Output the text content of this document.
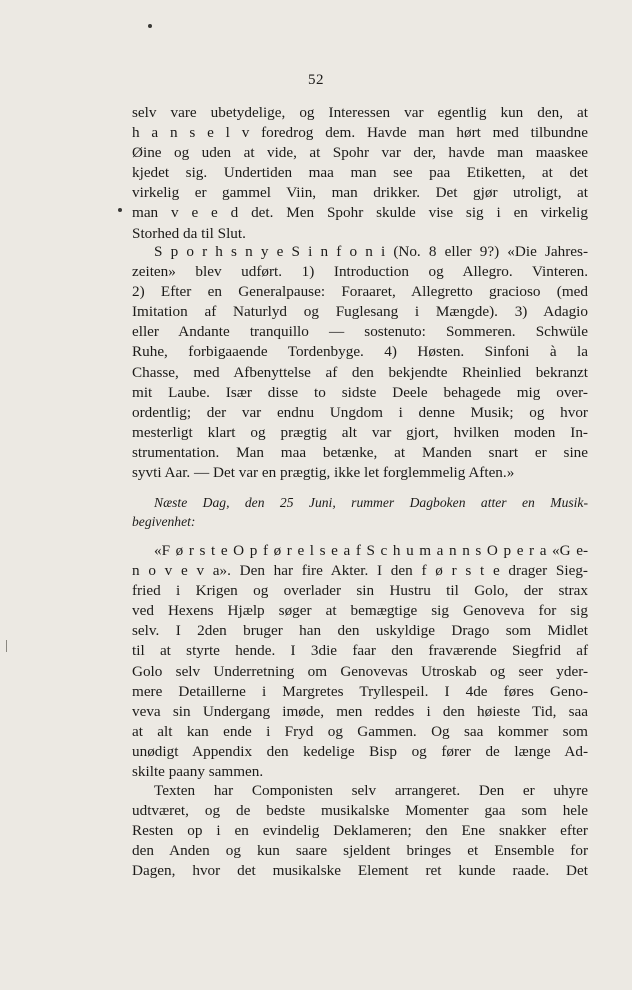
52
selv vare ubetydelige, og Interessen var egentlig kun den, at
h a n s e l v foredrog dem. Havde man hørt med tilbundne
Øine og uden at vide, at Spohr var der, havde man maaskee
kjedet sig. Undertiden maa man see paa Etiketten, at det
virkelig er gammel Viin, man drikker. Det gjør utroligt, at
man v e e d det. Men Spohr skulde vise sig i en virkelig
Storhed da til Slut.
S p o r h s n y e S i n f o n i (No. 8 eller 9?) «Die Jahres-
zeiten» blev udført. 1) Introduction og Allegro. Vinteren.
2) Efter en Generalpause: Foraaret, Allegretto gracioso (med
Imitation af Naturlyd og Fuglesang i Mængde). 3) Adagio
eller Andante tranquillo — sostenuto: Sommeren. Schwüle
Ruhe, forbigaaende Tordenbyge. 4) Høsten. Sinfoni à la
Chasse, med Afbenyttelse af den bekjendte Rheinlied bekranzt
mit Laube. Især disse to sidste Deele behagede mig over-
ordentlig; der var endnu Ungdom i denne Musik; og hvor
mesterligt klart og prægtig alt var gjort, hvilken moden In-
strumentation. Man maa betænke, at Manden snart er sine
syvti Aar. — Det var en prægtig, ikke let forglemmelig Aften.»
Næste Dag, den 25 Juni, rummer Dagboken atter en Musik-
begivenhet:
«F ø r s t e O p f ø r e l s e a f S c h u m a n n s O p e r a «G e-
n o v e v a». Den har fire Akter. I den f ø r s t e drager Sieg-
fried i Krigen og overlader sin Hustru til Golo, der strax
ved Hexens Hjælp søger at bemægtige sig Genoveva for sig
selv. I 2den bruger han den uskyldige Drago som Midlet
til at styrte hende. I 3die faar den fraværende Siegfrid af
Golo selv Underretning om Genovevas Utroskab og seer yder-
mere Detaillerne i Margretes Tryllespeil. I 4de føres Geno-
veva sin Undergang imøde, men reddes i den høieste Tid, saa
at alt kan ende i Fryd og Gammen. Og saa kommer som
unødigt Appendix den kedelige Bisp og fører de længe Ad-
skilte paany sammen.
Texten har Componisten selv arrangeret. Den er uhyre
udtværet, og de bedste musikalske Momenter gaa som hele
Resten op i en evindelig Deklameren; den Ene snakker efter
den Anden og kun saare sjeldent bringes et Ensemble for
Dagen, hvor det musikalske Element ret kunde raade. Det
